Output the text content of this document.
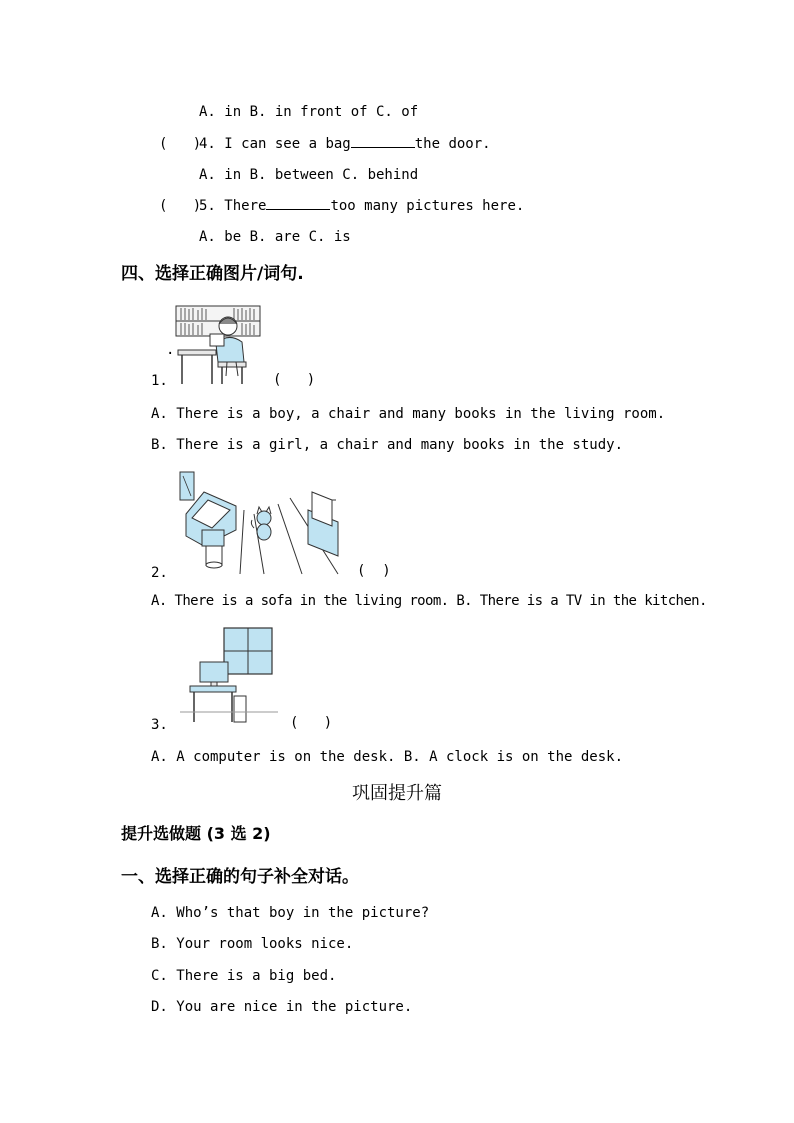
A. in B. in front of C. of
(   )
4. I can see a bag	the door.
A. in B. between C. behind
(   )
5. There	too many pictures here.
A. be B. are C. is
四、选择正确图片/词句.
.
1.	(   )
A. There is a boy, a chair and many books in the living room.
B. There is a girl, a chair and many books in the study.
2.	(  )
A. There is a sofa in the living room. B. There is a TV in the kitchen.
3.	(   )
A. A computer is on the desk. B. A clock is on the desk.
巩固提升篇
提升选做题 (3 选 2)
一、选择正确的句子补全对话。
A. Who’s that boy in the picture?
B. Your room looks nice.
C. There is a big bed.
D. You are nice in the picture.
